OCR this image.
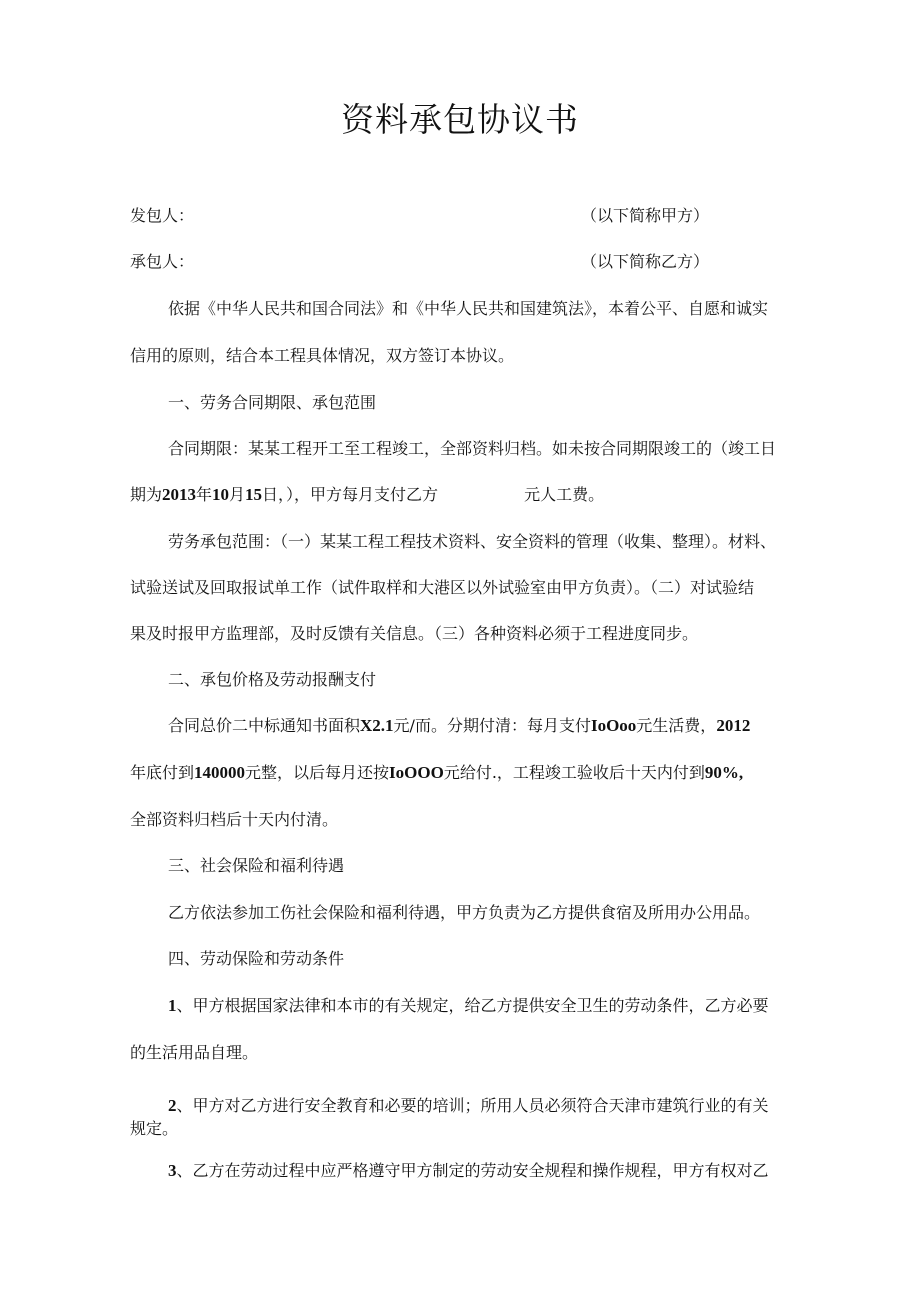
资料承包协议书
发包人：	（以下简称甲方）
承包人：	（以下简称乙方）
依据《中华人民共和国合同法》和《中华人民共和国建筑法》，本着公平、自愿和诚实
信用的原则，结合本工程具体情况，双方签订本协议。
一、劳务合同期限、承包范围
合同期限：某某工程开工至工程竣工，全部资料归档。如未按合同期限竣工的（竣工日
期为2013年10月15日，），甲方每月支付乙方	元人工费。
劳务承包范围：（一）某某工程工程技术资料、安全资料的管理（收集、整理）。材料、
试验送试及回取报试单工作（试件取样和大港区以外试验室由甲方负责）。（二）对试验结
果及时报甲方监理部，及时反馈有关信息。（三）各种资料必须于工程进度同步。
二、承包价格及劳动报酬支付
合同总价二中标通知书面积X2.1元/而。分期付清：每月支付IoOoo元生活费，2012
年底付到140000元整，以后每月还按IoOOO元给付.，工程竣工验收后十天内付到90%,
全部资料归档后十天内付清。
三、社会保险和福利待遇
乙方依法参加工伤社会保险和福利待遇，甲方负责为乙方提供食宿及所用办公用品。
四、劳动保险和劳动条件
1、甲方根据国家法律和本市的有关规定，给乙方提供安全卫生的劳动条件，乙方必要
的生活用品自理。
2、甲方对乙方进行安全教育和必要的培训；所用人员必须符合天津市建筑行业的有关
规定。
3、乙方在劳动过程中应严格遵守甲方制定的劳动安全规程和操作规程，甲方有权对乙
